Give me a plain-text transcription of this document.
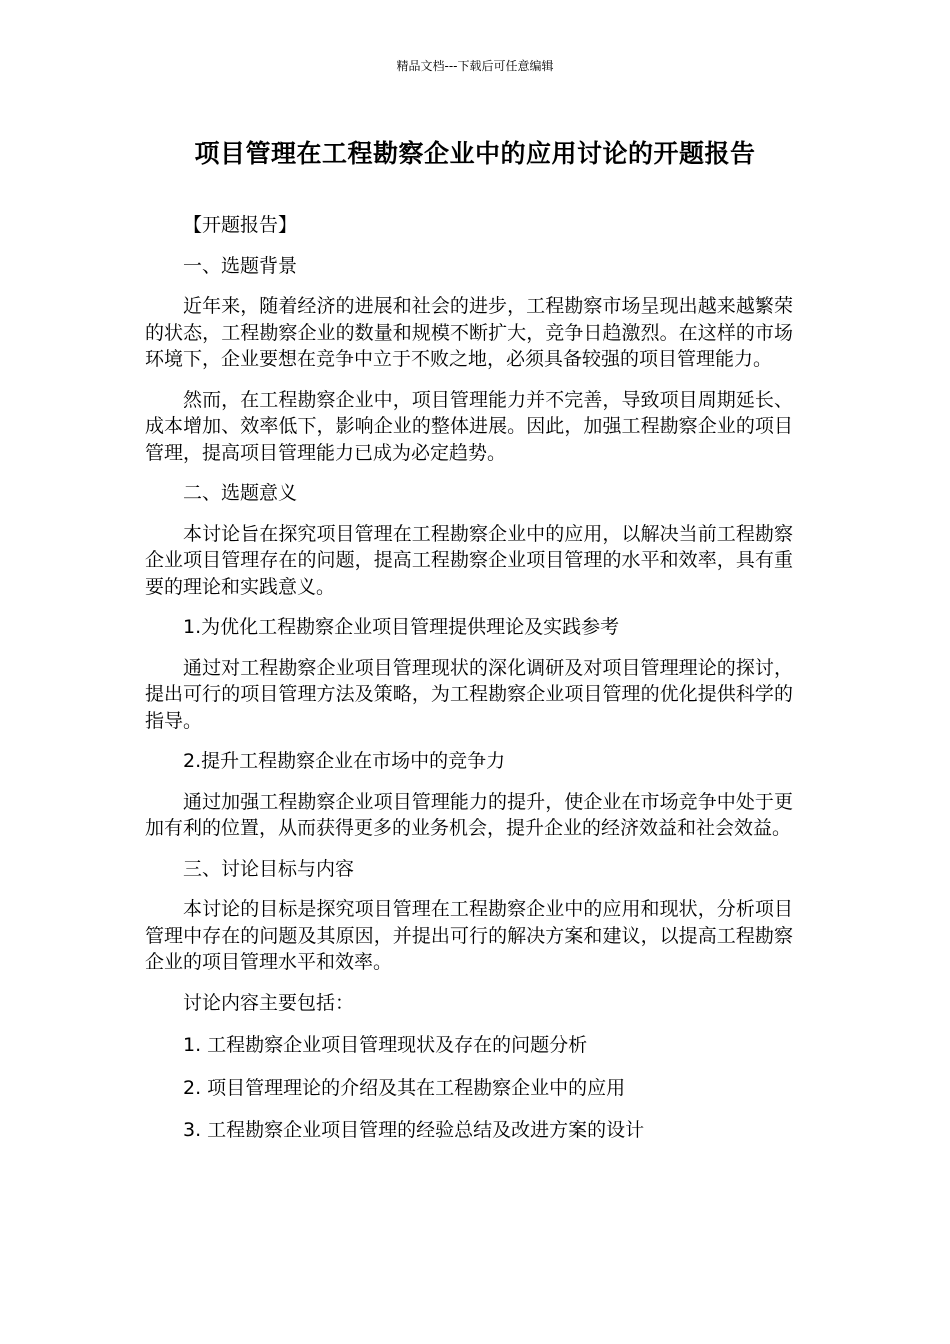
精品文档---下载后可任意编辑
项目管理在工程勘察企业中的应用讨论的开题报告

【开题报告】

一、选题背景

近年来，随着经济的进展和社会的进步，工程勘察市场呈现出越来越繁荣的状态，工程勘察企业的数量和规模不断扩大，竞争日趋激烈。在这样的市场环境下，企业要想在竞争中立于不败之地，必须具备较强的项目管理能力。

然而，在工程勘察企业中，项目管理能力并不完善，导致项目周期延长、成本增加、效率低下，影响企业的整体进展。因此，加强工程勘察企业的项目管理，提高项目管理能力已成为必定趋势。

二、选题意义

本讨论旨在探究项目管理在工程勘察企业中的应用，以解决当前工程勘察企业项目管理存在的问题，提高工程勘察企业项目管理的水平和效率，具有重要的理论和实践意义。

1.为优化工程勘察企业项目管理提供理论及实践参考

通过对工程勘察企业项目管理现状的深化调研及对项目管理理论的探讨，提出可行的项目管理方法及策略，为工程勘察企业项目管理的优化提供科学的指导。

2.提升工程勘察企业在市场中的竞争力

通过加强工程勘察企业项目管理能力的提升，使企业在市场竞争中处于更加有利的位置，从而获得更多的业务机会，提升企业的经济效益和社会效益。

三、讨论目标与内容

本讨论的目标是探究项目管理在工程勘察企业中的应用和现状，分析项目管理中存在的问题及其原因，并提出可行的解决方案和建议，以提高工程勘察企业的项目管理水平和效率。

讨论内容主要包括：

1. 工程勘察企业项目管理现状及存在的问题分析

2. 项目管理理论的介绍及其在工程勘察企业中的应用

3. 工程勘察企业项目管理的经验总结及改进方案的设计
